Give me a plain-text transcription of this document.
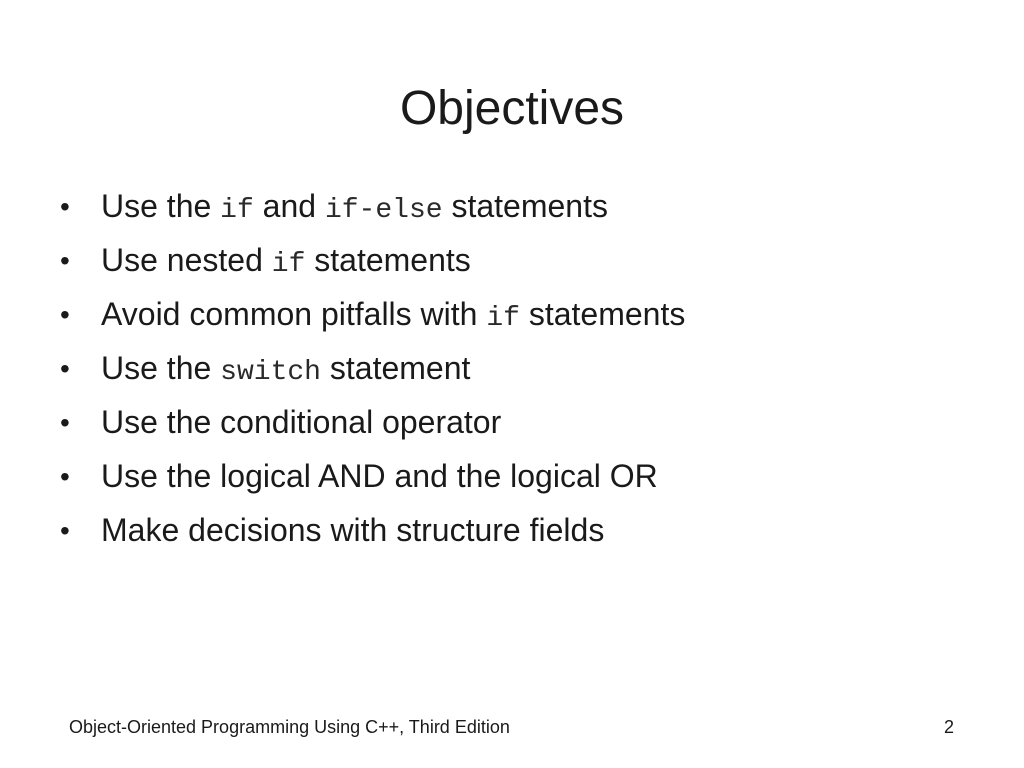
Objectives
• Use the if and if-else statements
• Use nested if statements
• Avoid common pitfalls with if statements
• Use the switch statement
• Use the conditional operator
• Use the logical AND and the logical OR
• Make decisions with structure fields
Object-Oriented Programming Using C++, Third Edition	2
